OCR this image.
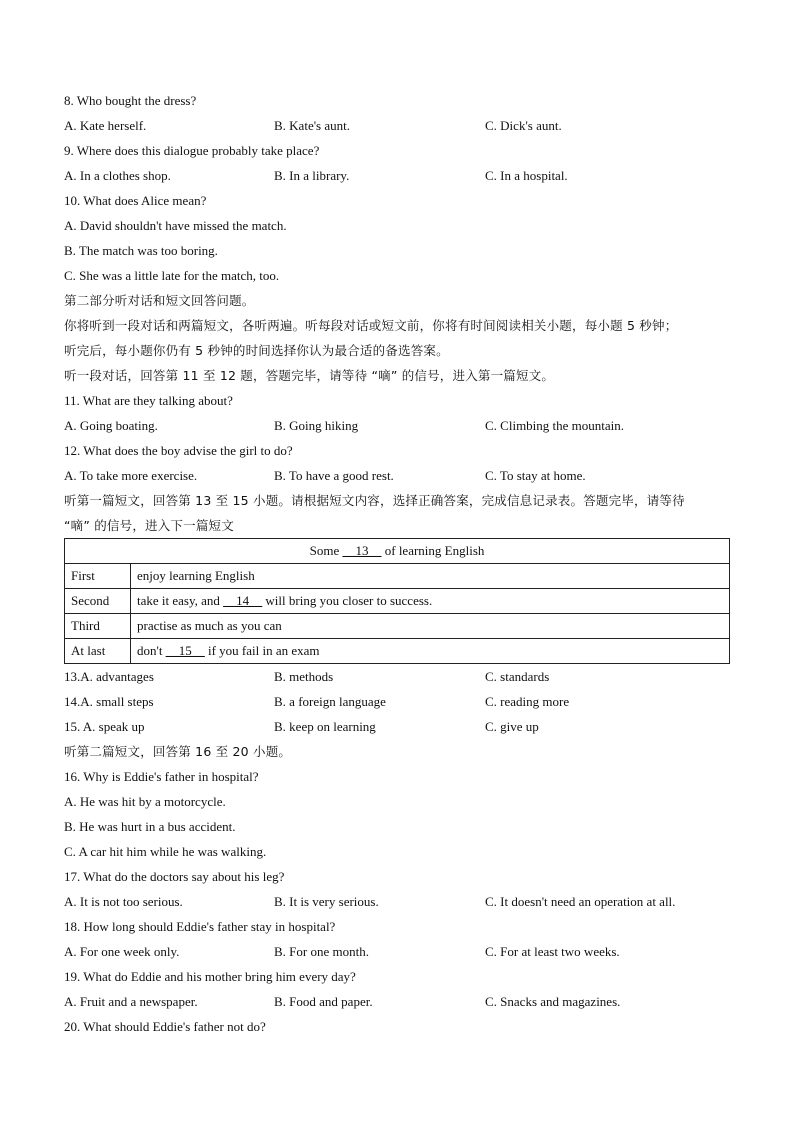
8. Who bought the dress?
A. Kate herself.	B. Kate's aunt.	C. Dick's aunt.
9. Where does this dialogue probably take place?
A. In a clothes shop.	B. In a library.	C. In a hospital.
10. What does Alice mean?
A. David shouldn't have missed the match.
B. The match was too boring.
C. She was a little late for the match, too.
第二部分听对话和短文回答问题。
你将听到一段对话和两篇短文，各听两遍。听每段对话或短文前，你将有时间阅读相关小题，每小题 5 秒钟；
听完后，每小题你仍有 5 秒钟的时间选择你认为最合适的备选答案。
听一段对话，回答第 11 至 12 题，答题完毕，请等待 “嘀” 的信号，进入第一篇短文。
11. What are they talking about?
A. Going boating.	B. Going hiking	C. Climbing the mountain.
12. What does the boy advise the girl to do?
A. To take more exercise.	B. To have a good rest.	C. To stay at home.
听第一篇短文，回答第 13 至 15 小题。请根据短文内容，选择正确答案，完成信息记录表。答题完毕，请等待
“嘀” 的信号，进入下一篇短文
Some __13__ of learning English	
First	enjoy learning English
Second	take it easy, and __14__ will bring you closer to success.
Third	practise as much as you can
At last	don't __15__ if you fail in an exam
13.A. advantages	B. methods	C. standards
14.A. small steps	B. a foreign language	C. reading more
15. A. speak up	B. keep on learning	C. give up
听第二篇短文，回答第 16 至 20 小题。
16. Why is Eddie's father in hospital?
A. He was hit by a motorcycle.
B. He was hurt in a bus accident.
C. A car hit him while he was walking.
17. What do the doctors say about his leg?
A. It is not too serious.	B. It is very serious.	C. It doesn't need an operation at all.
18. How long should Eddie's father stay in hospital?
A. For one week only.	B. For one month.	C. For at least two weeks.
19. What do Eddie and his mother bring him every day?
A. Fruit and a newspaper.	B. Food and paper.	C. Snacks and magazines.
20. What should Eddie's father not do?
